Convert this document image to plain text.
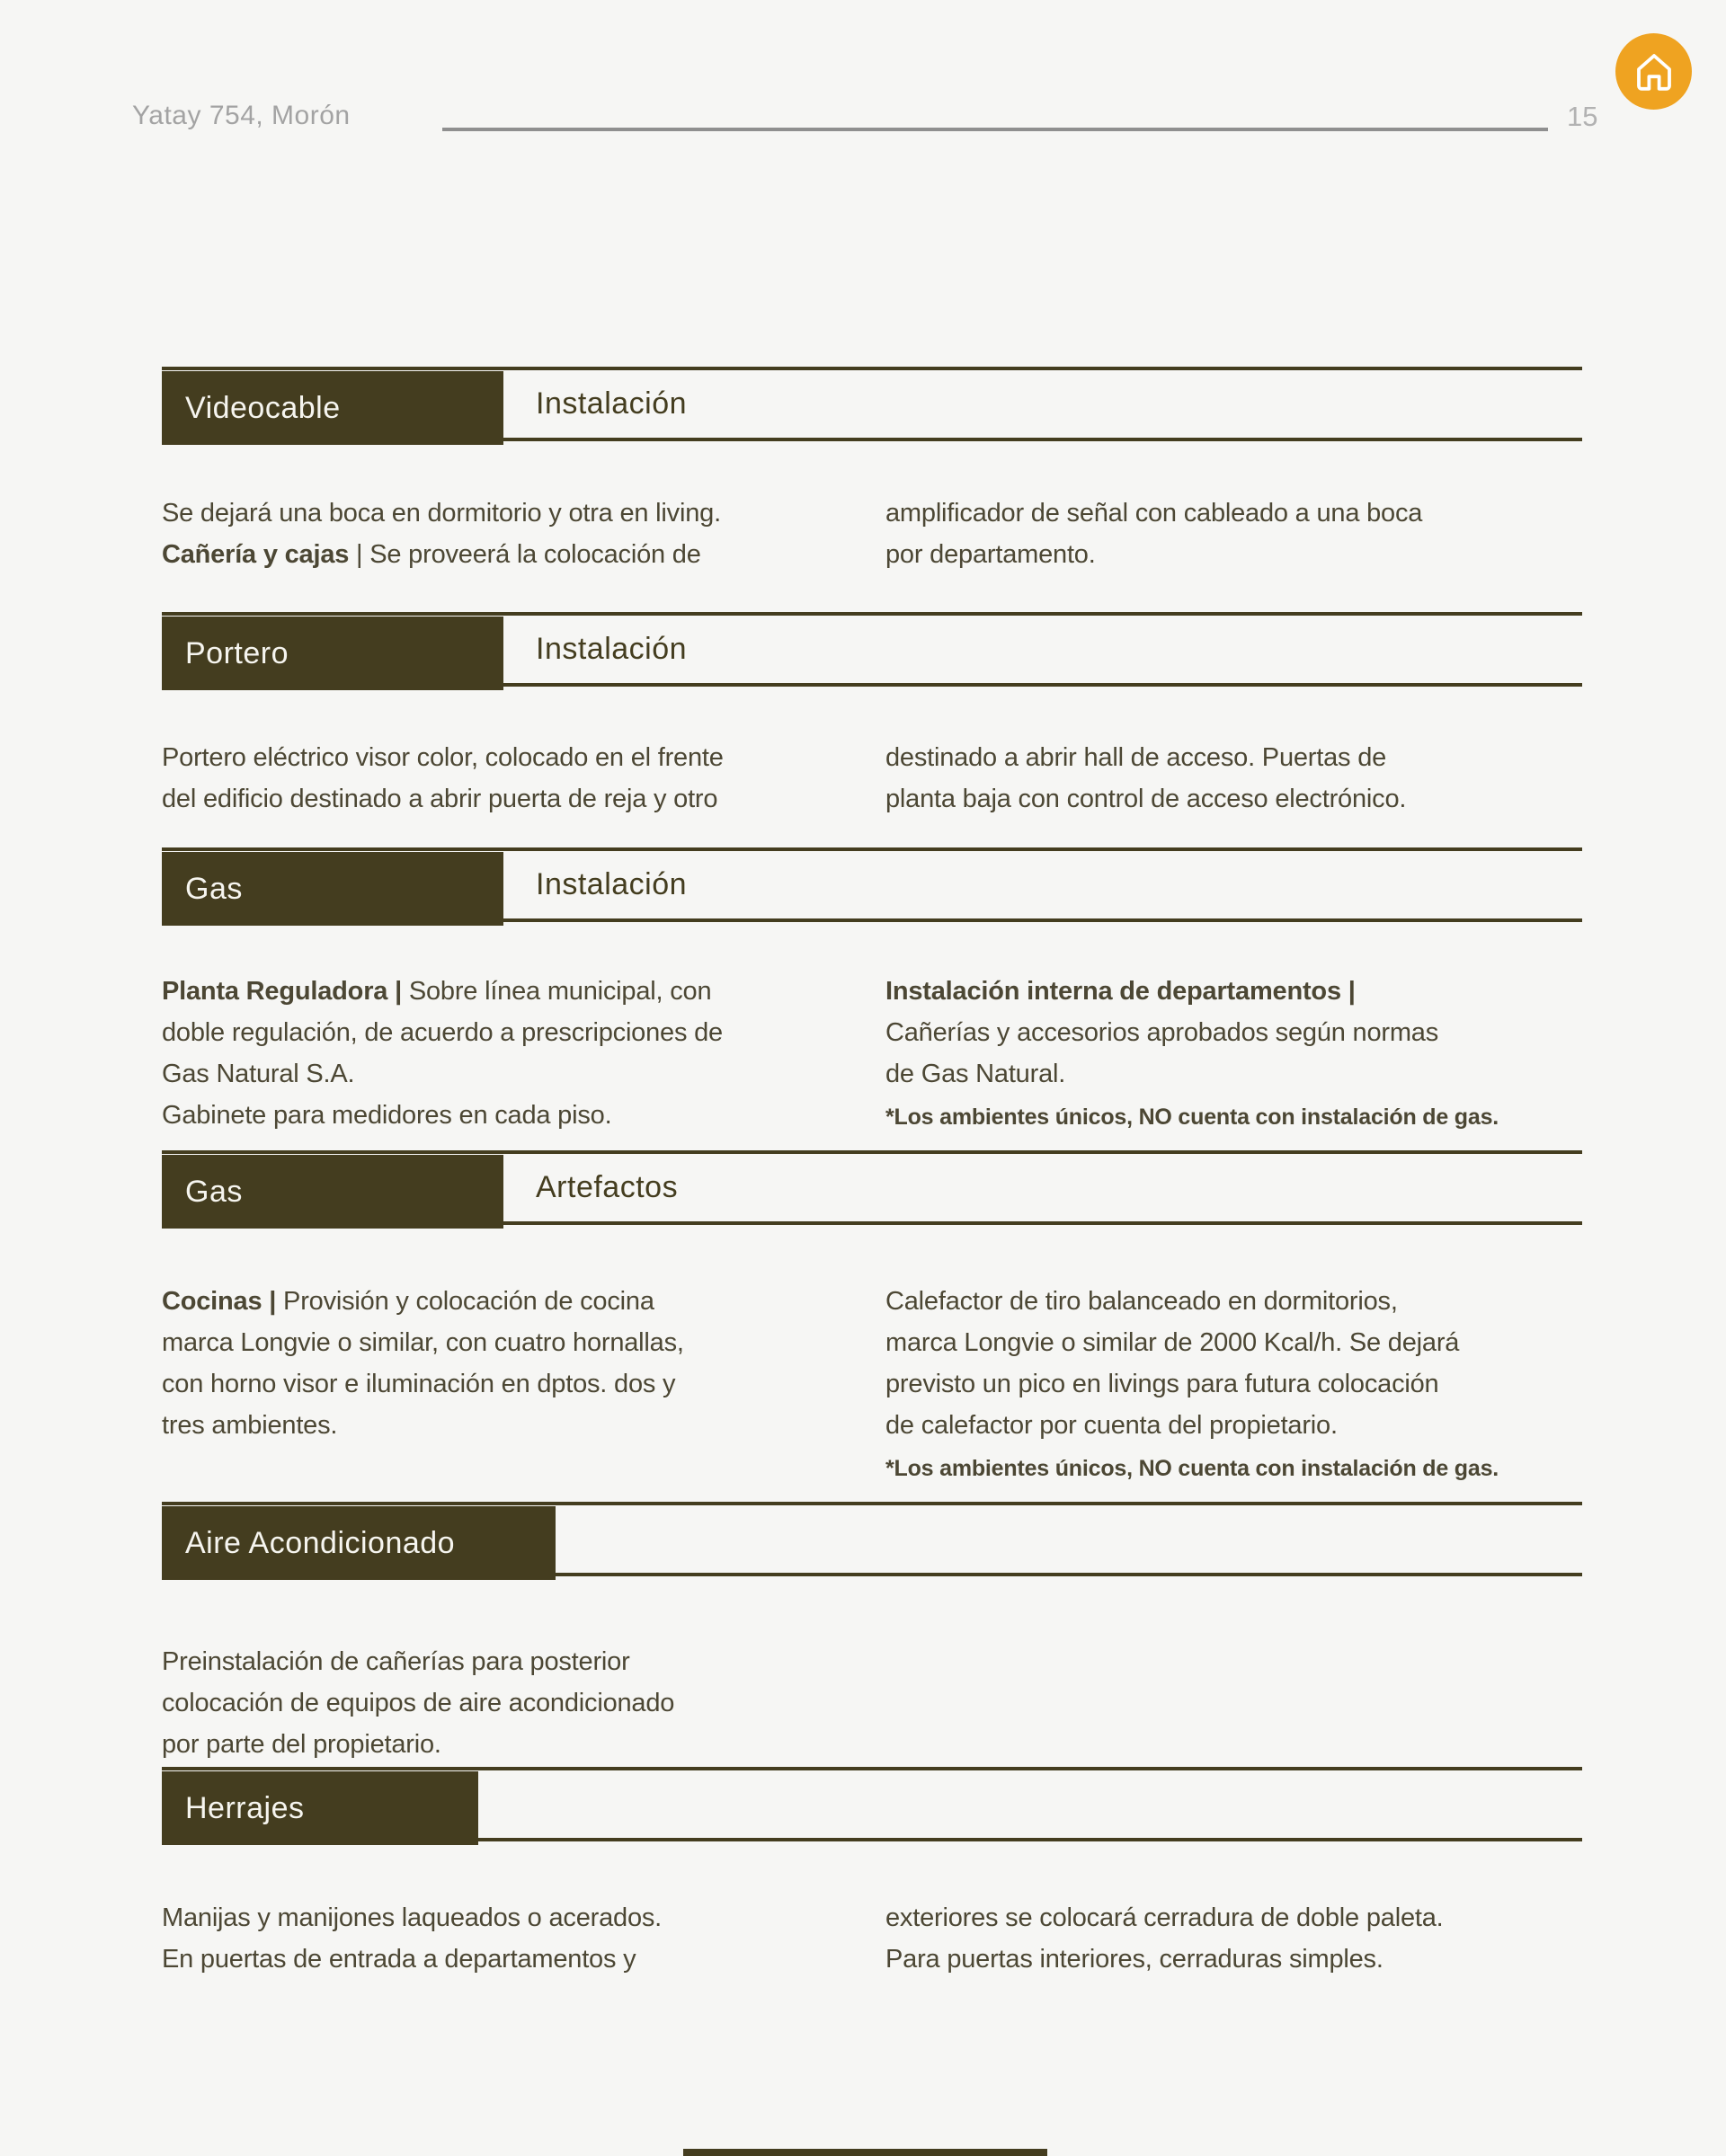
Yatay 754, Morón	15
Videocable	Instalación

Se dejará una boca en dormitorio y otra en living.

Cañería y cajas | Se proveerá la colocación de

amplificador de señal con cableado a una boca

por departamento.

Portero	Instalación

Portero eléctrico visor color, colocado en el frente

del edificio destinado a abrir puerta de reja y otro

destinado a abrir hall de acceso. Puertas de

planta baja con control de acceso electrónico.

Gas	Instalación

Planta Reguladora | Sobre línea municipal, con

doble regulación, de acuerdo a prescripciones de

Gas Natural S.A.

Gabinete para medidores en cada piso.

Instalación interna de departamentos |

Cañerías y accesorios aprobados según normas

de Gas Natural.

*Los ambientes únicos, NO cuenta con instalación de gas.

Gas	Artefactos

Cocinas | Provisión y colocación de cocina

marca Longvie o similar, con cuatro hornallas,

con horno visor e iluminación en dptos. dos y

tres ambientes.

Calefactor de tiro balanceado en dormitorios,

marca Longvie o similar de 2000 Kcal/h. Se dejará

previsto un pico en livings para futura colocación

de calefactor por cuenta del propietario.

*Los ambientes únicos, NO cuenta con instalación de gas.

Aire Acondicionado

Preinstalación de cañerías para posterior

colocación de equipos de aire acondicionado

por parte del propietario.

Herrajes

Manijas y manijones laqueados o acerados.

En puertas de entrada a departamentos y

exteriores se colocará cerradura de doble paleta.

Para puertas interiores, cerraduras simples.
